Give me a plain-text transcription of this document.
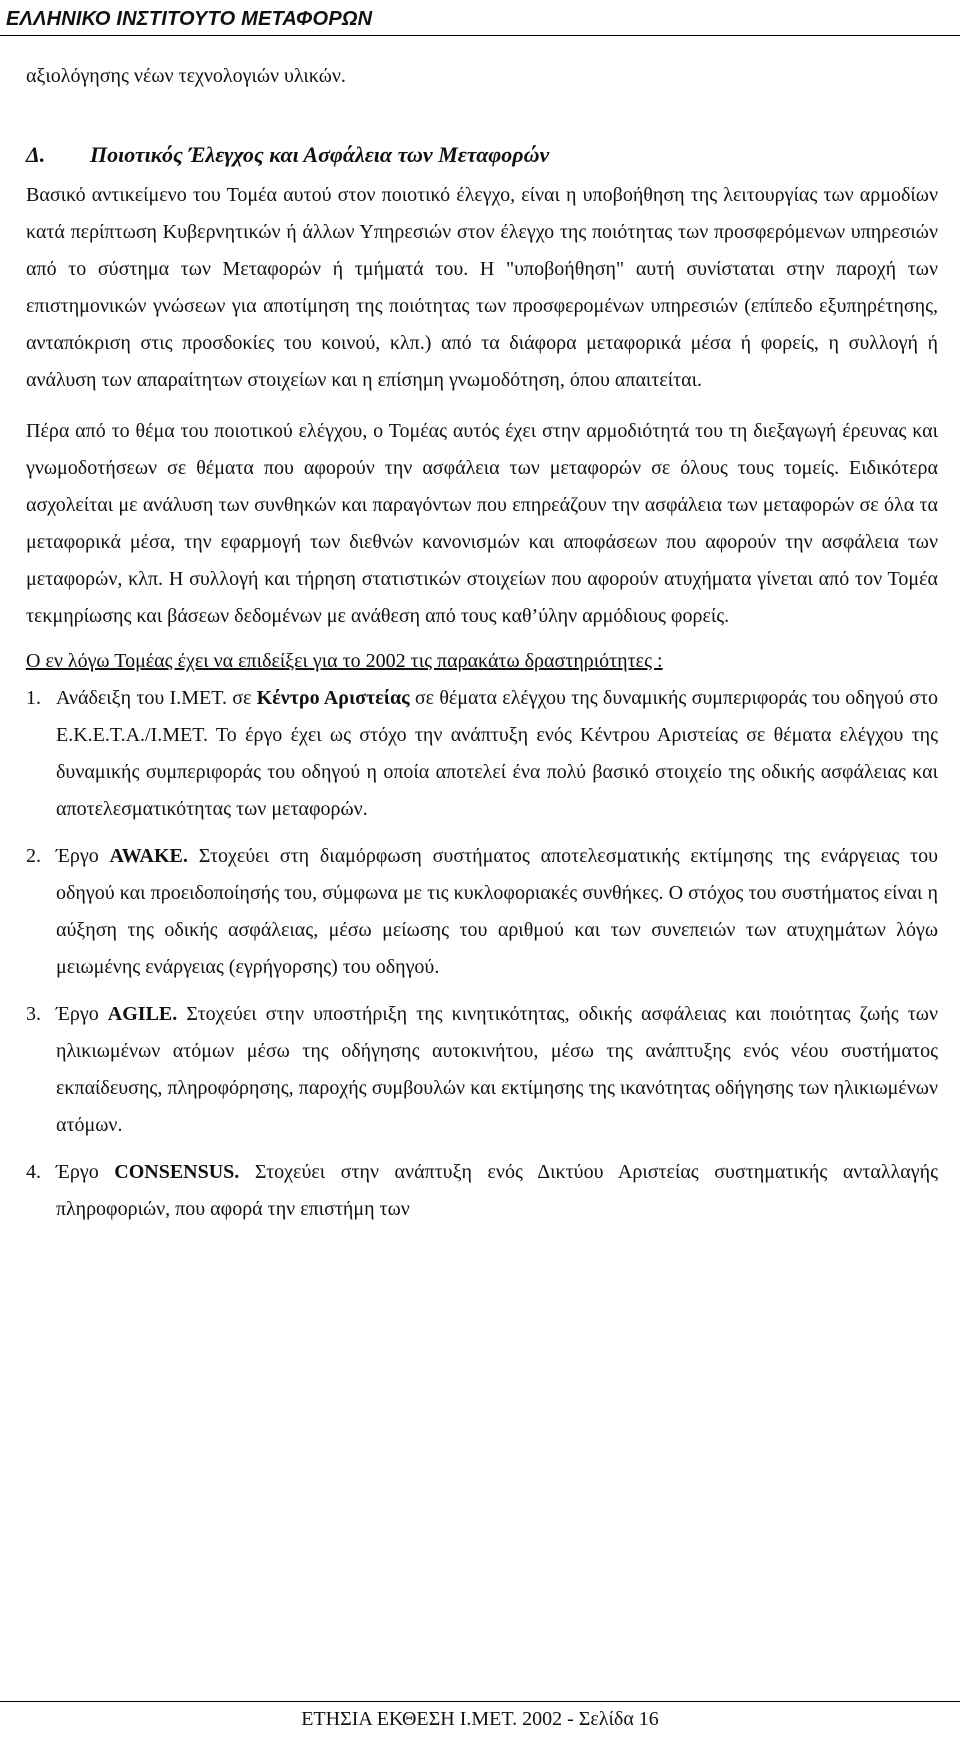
ΕΛΛΗΝΙΚΟ ΙΝΣΤΙΤΟΥΤΟ ΜΕΤΑΦΟΡΩΝ

αξιολόγησης νέων τεχνολογιών υλικών.

Δ. Ποιοτικός Έλεγχος και Ασφάλεια των Μεταφορών

Βασικό αντικείμενο του Τομέα αυτού στον ποιοτικό έλεγχο, είναι η υποβοήθηση της λειτουργίας των αρμοδίων κατά περίπτωση Κυβερνητικών ή άλλων Υπηρεσιών στον έλεγχο της ποιότητας των προσφερόμενων υπηρεσιών από το σύστημα των Μεταφορών ή τμήματά του. Η "υποβοήθηση" αυτή συνίσταται στην παροχή των επιστημονικών γνώσεων για αποτίμηση της ποιότητας των προσφερομένων υπηρεσιών (επίπεδο εξυπηρέτησης, ανταπόκριση στις προσδοκίες του κοινού, κλπ.) από τα διάφορα μεταφορικά μέσα ή φορείς, η συλλογή ή ανάλυση των απαραίτητων στοιχείων και η επίσημη γνωμοδότηση, όπου απαιτείται.

Πέρα από το θέμα του ποιοτικού ελέγχου, ο Τομέας αυτός έχει στην αρμοδιότητά του τη διεξαγωγή έρευνας και γνωμοδοτήσεων σε θέματα που αφορούν την ασφάλεια των μεταφορών σε όλους τους τομείς. Ειδικότερα ασχολείται με ανάλυση των συνθηκών και παραγόντων που επηρεάζουν την ασφάλεια των μεταφορών σε όλα τα μεταφορικά μέσα, την εφαρμογή των διεθνών κανονισμών και αποφάσεων που αφορούν την ασφάλεια των μεταφορών, κλπ. Η συλλογή και τήρηση στατιστικών στοιχείων που αφορούν ατυχήματα γίνεται από τον Τομέα τεκμηρίωσης και βάσεων δεδομένων με ανάθεση από τους καθ’ύλην αρμόδιους φορείς.

Ο εν λόγω Τομέας έχει να επιδείξει για το 2002 τις παρακάτω δραστηριότητες :

1. Ανάδειξη του Ι.ΜΕΤ. σε Κέντρο Αριστείας σε θέματα ελέγχου της δυναμικής συμπεριφοράς του οδηγού στο Ε.Κ.Ε.Τ.Α./Ι.ΜΕΤ. Το έργο έχει ως στόχο την ανάπτυξη ενός Κέντρου Αριστείας σε θέματα ελέγχου της δυναμικής συμπεριφοράς του οδηγού η οποία αποτελεί ένα πολύ βασικό στοιχείο της οδικής ασφάλειας και αποτελεσματικότητας των μεταφορών.
2. Έργο AWAKE. Στοχεύει στη διαμόρφωση συστήματος αποτελεσματικής εκτίμησης της ενάργειας του οδηγού και προειδοποίησής του, σύμφωνα με τις κυκλοφοριακές συνθήκες. Ο στόχος του συστήματος είναι η αύξηση της οδικής ασφάλειας, μέσω μείωσης του αριθμού και των συνεπειών των ατυχημάτων λόγω μειωμένης ενάργειας (εγρήγορσης) του οδηγού.
3. Έργο AGILE. Στοχεύει στην υποστήριξη της κινητικότητας, οδικής ασφάλειας και ποιότητας ζωής των ηλικιωμένων ατόμων μέσω της οδήγησης αυτοκινήτου, μέσω της ανάπτυξης ενός νέου συστήματος εκπαίδευσης, πληροφόρησης, παροχής συμβουλών και εκτίμησης της ικανότητας οδήγησης των ηλικιωμένων ατόμων.
4. Έργο CONSENSUS. Στοχεύει στην ανάπτυξη ενός Δικτύου Αριστείας συστηματικής ανταλλαγής πληροφοριών, που αφορά την επιστήμη των
ΕΤΗΣΙΑ ΕΚΘΕΣΗ Ι.ΜΕΤ. 2002 - Σελίδα 16
